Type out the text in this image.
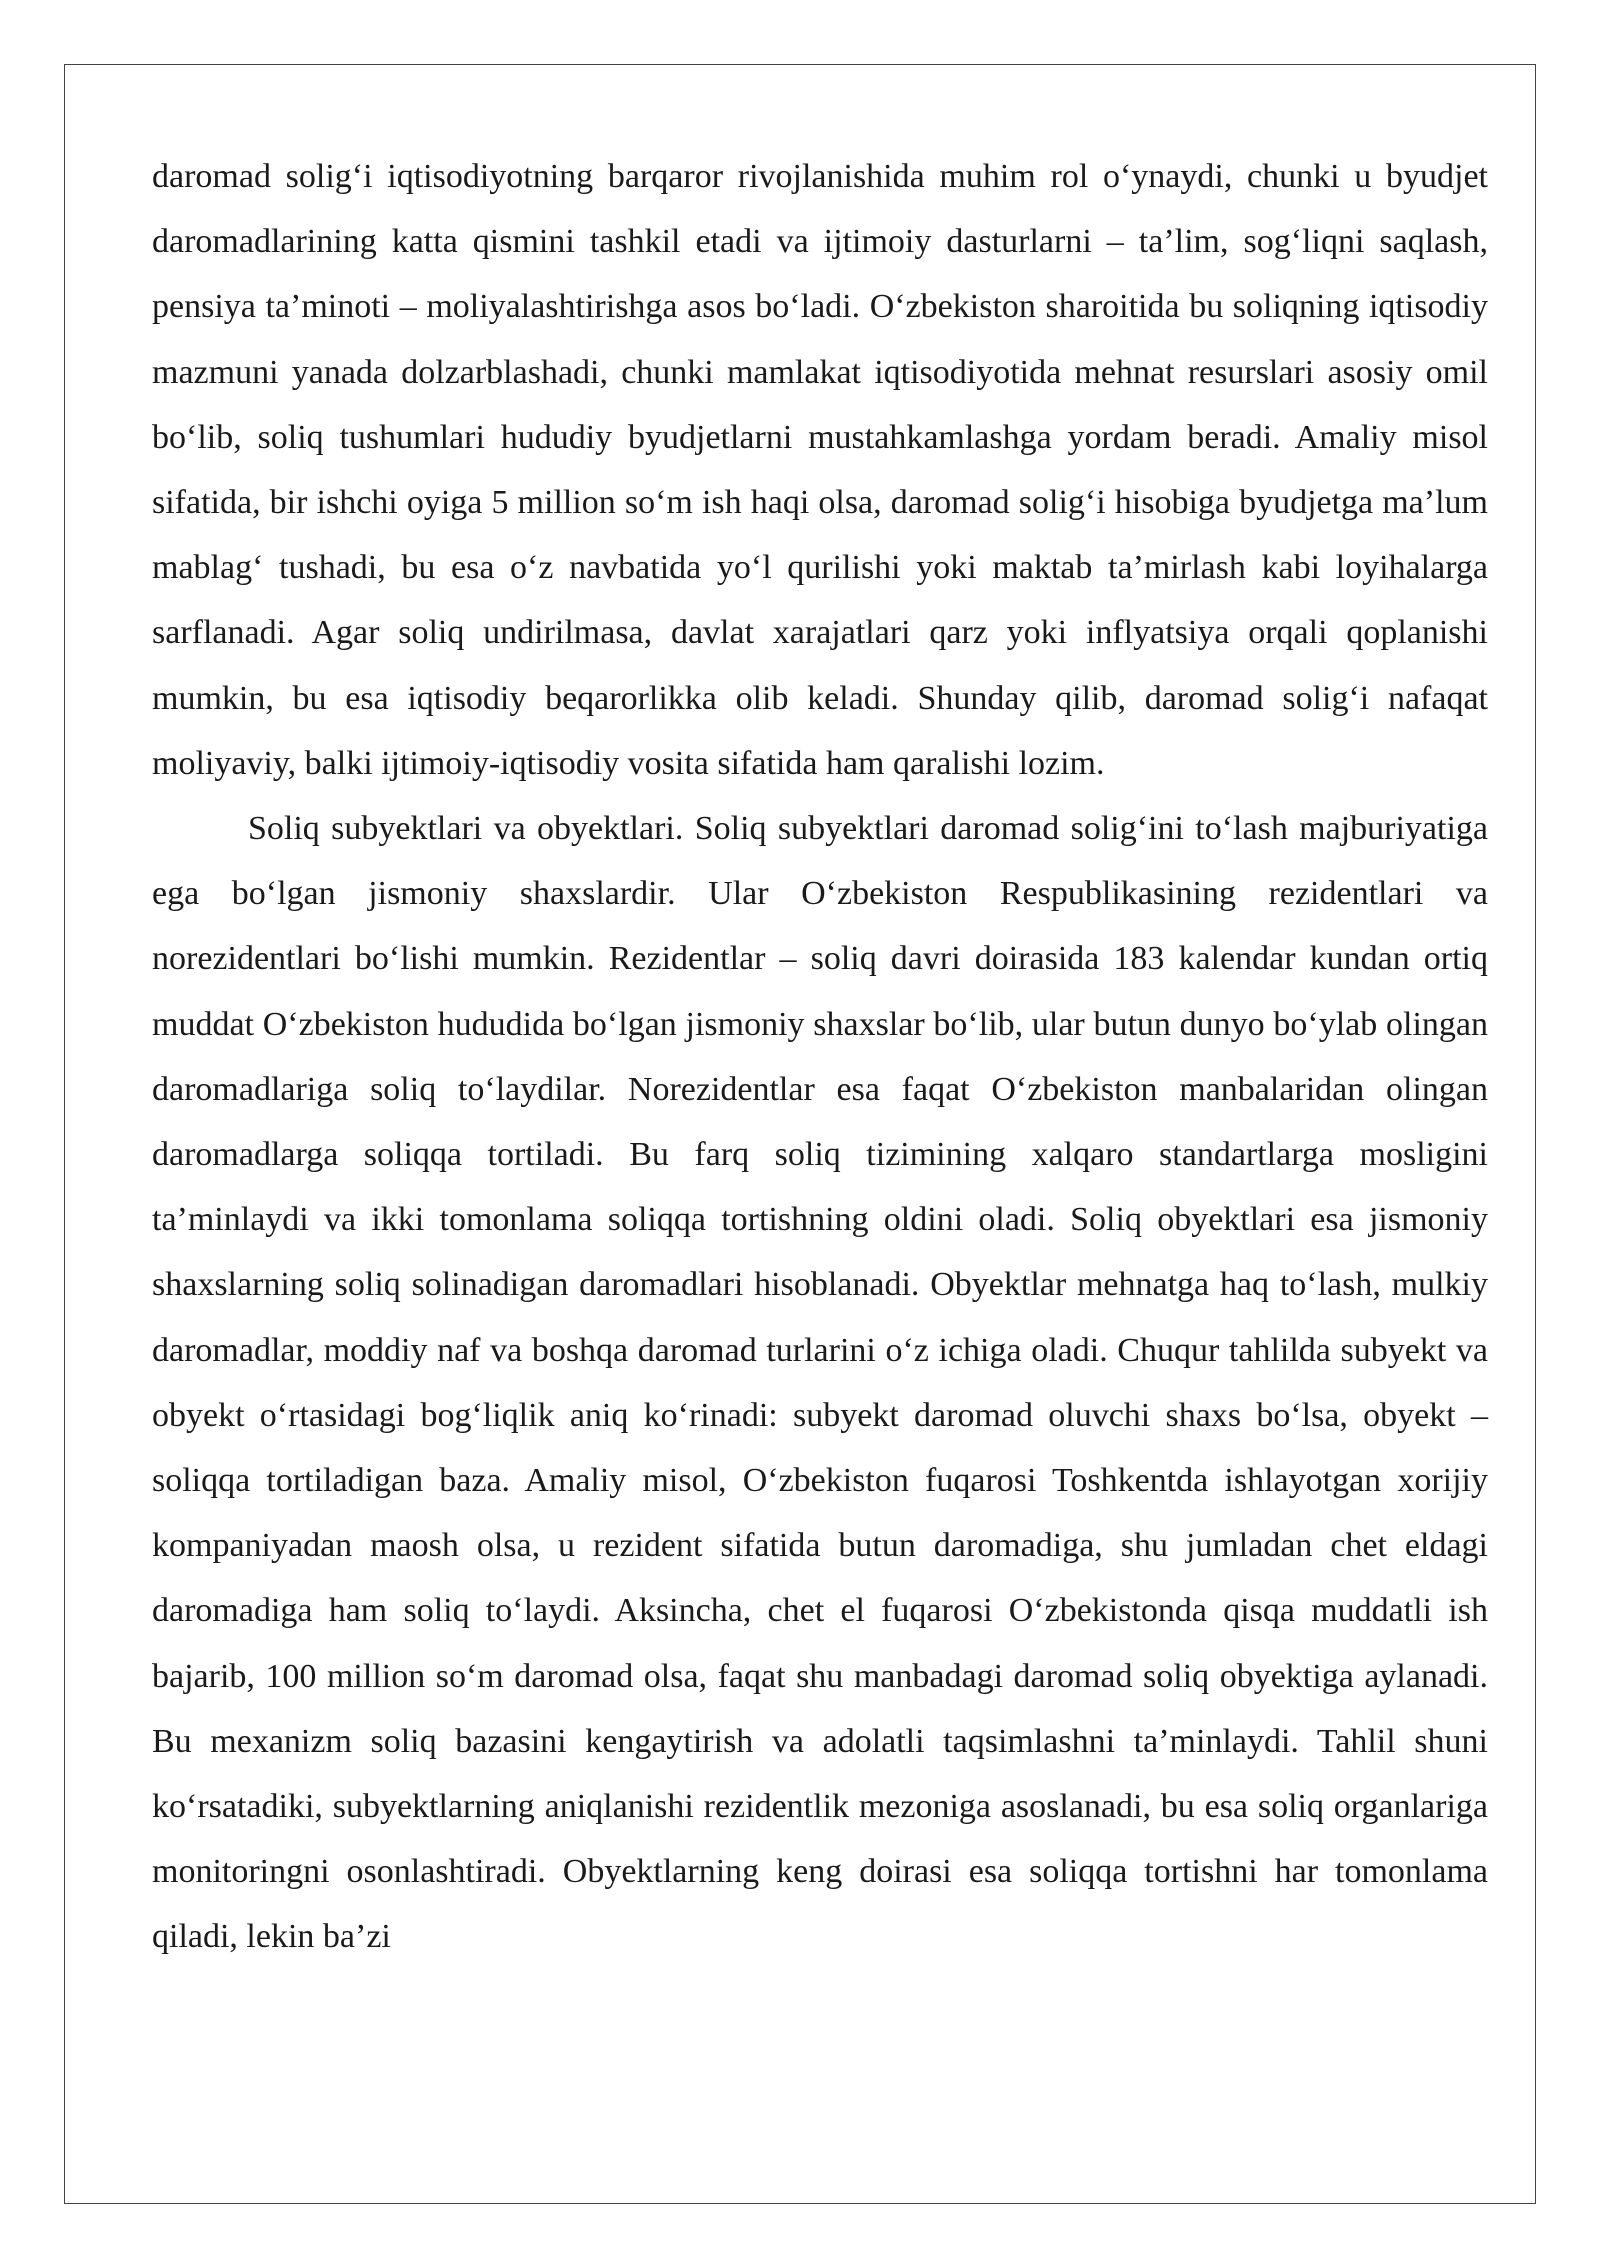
daromad solig‘i iqtisodiyotning barqaror rivojlanishida muhim rol o‘ynaydi, chunki u byudjet daromadlarining katta qismini tashkil etadi va ijtimoiy dasturlarni – ta’lim, sog‘liqni saqlash, pensiya ta’minoti – moliyalashtirishga asos bo‘ladi. O‘zbekiston sharoitida bu soliqning iqtisodiy mazmuni yanada dolzarblashadi, chunki mamlakat iqtisodiyotida mehnat resurslari asosiy omil bo‘lib, soliq tushumlari hududiy byudjetlarni mustahkamlashga yordam beradi. Amaliy misol sifatida, bir ishchi oyiga 5 million so‘m ish haqi olsa, daromad solig‘i hisobiga byudjetga ma’lum mablag‘ tushadi, bu esa o‘z navbatida yo‘l qurilishi yoki maktab ta’mirlash kabi loyihalarga sarflanadi. Agar soliq undirilmasa, davlat xarajatlari qarz yoki inflyatsiya orqali qoplanishi mumkin, bu esa iqtisodiy beqarorlikka olib keladi. Shunday qilib, daromad solig‘i nafaqat moliyaviy, balki ijtimoiy-iqtisodiy vosita sifatida ham qaralishi lozim.

Soliq subyektlari va obyektlari. Soliq subyektlari daromad solig‘ini to‘lash majburiyatiga ega bo‘lgan jismoniy shaxslardir. Ular O‘zbekiston Respublikasining rezidentlari va norezidentlari bo‘lishi mumkin. Rezidentlar – soliq davri doirasida 183 kalendar kundan ortiq muddat O‘zbekiston hududida bo‘lgan jismoniy shaxslar bo‘lib, ular butun dunyo bo‘ylab olingan daromadlariga soliq to‘laydilar. Norezidentlar esa faqat O‘zbekiston manbalaridan olingan daromadlarga soliqqa tortiladi. Bu farq soliq tizimining xalqaro standartlarga mosligini ta’minlaydi va ikki tomonlama soliqqa tortishning oldini oladi. Soliq obyektlari esa jismoniy shaxslarning soliq solinadigan daromadlari hisoblanadi. Obyektlar mehnatga haq to‘lash, mulkiy daromadlar, moddiy naf va boshqa daromad turlarini o‘z ichiga oladi. Chuqur tahlilda subyekt va obyekt o‘rtasidagi bog‘liqlik aniq ko‘rinadi: subyekt daromad oluvchi shaxs bo‘lsa, obyekt – soliqqa tortiladigan baza. Amaliy misol, O‘zbekiston fuqarosi Toshkentda ishlayotgan xorijiy kompaniyadan maosh olsa, u rezident sifatida butun daromadiga, shu jumladan chet eldagi daromadiga ham soliq to‘laydi. Aksincha, chet el fuqarosi O‘zbekistonda qisqa muddatli ish bajarib, 100 million so‘m daromad olsa, faqat shu manbadagi daromad soliq obyektiga aylanadi. Bu mexanizm soliq bazasini kengaytirish va adolatli taqsimlashni ta’minlaydi. Tahlil shuni ko‘rsatadiki, subyektlarning aniqlanishi rezidentlik mezoniga asoslanadi, bu esa soliq organlariga monitoringni osonlashtiradi. Obyektlarning keng doirasi esa soliqqa tortishni har tomonlama qiladi, lekin ba’zi
